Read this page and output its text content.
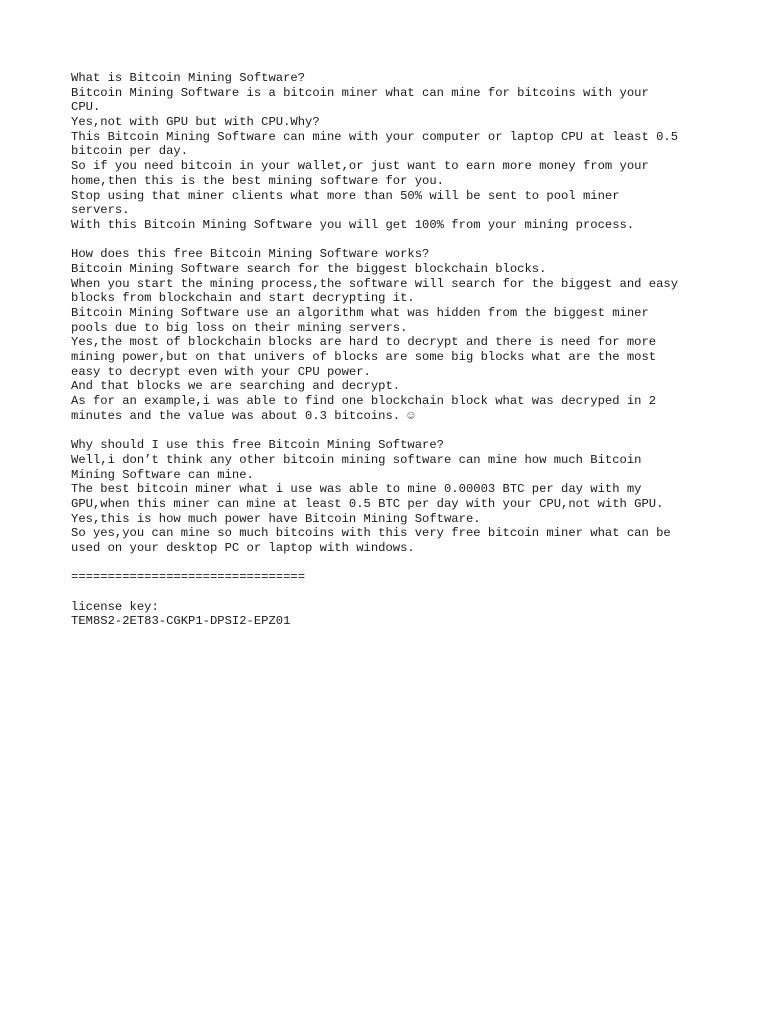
What is Bitcoin Mining Software?
Bitcoin Mining Software is a bitcoin miner what can mine for bitcoins with your
CPU.
Yes,not with GPU but with CPU.Why?
This Bitcoin Mining Software can mine with your computer or laptop CPU at least 0.5
bitcoin per day.
So if you need bitcoin in your wallet,or just want to earn more money from your
home,then this is the best mining software for you.
Stop using that miner clients what more than 50% will be sent to pool miner
servers.
With this Bitcoin Mining Software you will get 100% from your mining process.
How does this free Bitcoin Mining Software works?
Bitcoin Mining Software search for the biggest blockchain blocks.
When you start the mining process,the software will search for the biggest and easy
blocks from blockchain and start decrypting it.
Bitcoin Mining Software use an algorithm what was hidden from the biggest miner
pools due to big loss on their mining servers.
Yes,the most of blockchain blocks are hard to decrypt and there is need for more
mining power,but on that univers of blocks are some big blocks what are the most
easy to decrypt even with your CPU power.
And that blocks we are searching and decrypt.
As for an example,i was able to find one blockchain block what was decryped in 2
minutes and the value was about 0.3 bitcoins. ☺
Why should I use this free Bitcoin Mining Software?
Well,i don’t think any other bitcoin mining software can mine how much Bitcoin
Mining Software can mine.
The best bitcoin miner what i use was able to mine 0.00003 BTC per day with my
GPU,when this miner can mine at least 0.5 BTC per day with your CPU,not with GPU.
Yes,this is how much power have Bitcoin Mining Software.
So yes,you can mine so much bitcoins with this very free bitcoin miner what can be
used on your desktop PC or laptop with windows.
================================
license key:
TEM8S2-2ET83-CGKP1-DPSI2-EPZ01
